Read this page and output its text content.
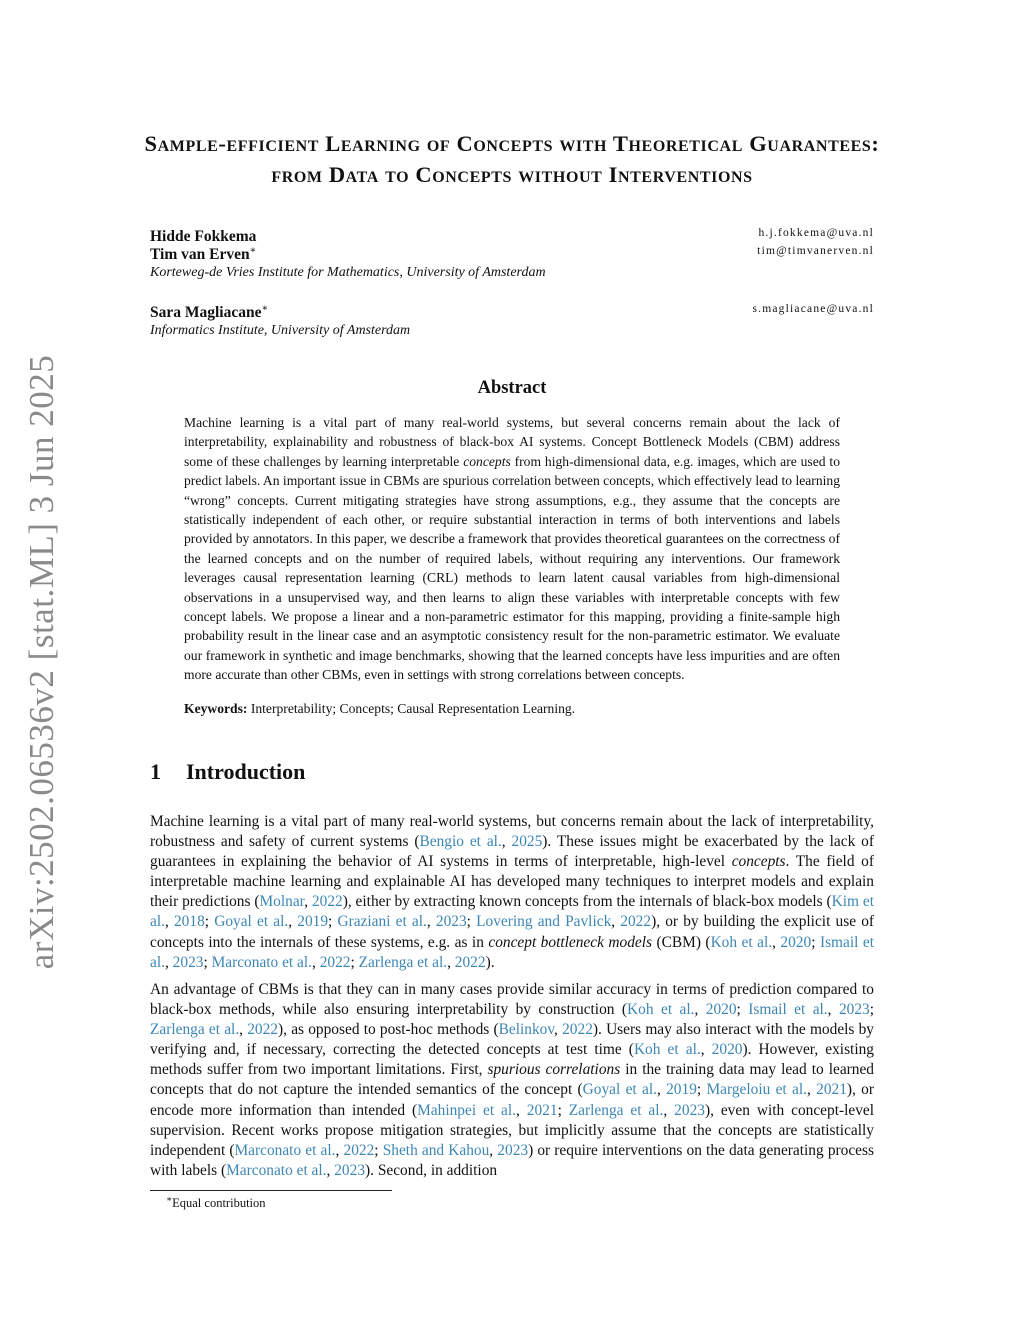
arXiv:2502.06536v2 [stat.ML] 3 Jun 2025
Sample-efficient Learning of Concepts with Theoretical Guarantees:
from Data to Concepts without Interventions
Hidde Fokkema	h.j.fokkema@uva.nl
Tim van Erven∗	tim@timvanerven.nl
Korteweg-de Vries Institute for Mathematics, University of Amsterdam
Sara Magliacane∗	s.magliacane@uva.nl
Informatics Institute, University of Amsterdam
Abstract
Machine learning is a vital part of many real-world systems, but several concerns remain about the lack of interpretability, explainability and robustness of black-box AI systems. Concept Bottleneck Models (CBM) address some of these challenges by learning interpretable concepts from high-dimensional data, e.g. images, which are used to predict labels. An important issue in CBMs are spurious correlation between concepts, which effectively lead to learning “wrong” concepts. Current mitigating strategies have strong assumptions, e.g., they assume that the concepts are statistically independent of each other, or require substantial interaction in terms of both interventions and labels provided by annotators. In this paper, we describe a framework that provides theoretical guarantees on the correctness of the learned concepts and on the number of required labels, without requiring any interventions. Our framework leverages causal representation learning (CRL) methods to learn latent causal variables from high-dimensional observations in a unsupervised way, and then learns to align these variables with interpretable concepts with few concept labels. We propose a linear and a non-parametric estimator for this mapping, providing a finite-sample high probability result in the linear case and an asymptotic consistency result for the non-parametric estimator. We evaluate our framework in synthetic and image benchmarks, showing that the learned concepts have less impurities and are often more accurate than other CBMs, even in settings with strong correlations between concepts.
Keywords: Interpretability; Concepts; Causal Representation Learning.
1 Introduction
Machine learning is a vital part of many real-world systems, but concerns remain about the lack of interpretability, robustness and safety of current systems (Bengio et al., 2025). These issues might be exacerbated by the lack of guarantees in explaining the behavior of AI systems in terms of interpretable, high-level concepts. The field of interpretable machine learning and explainable AI has developed many techniques to interpret models and explain their predictions (Molnar, 2022), either by extracting known concepts from the internals of black-box models (Kim et al., 2018; Goyal et al., 2019; Graziani et al., 2023; Lovering and Pavlick, 2022), or by building the explicit use of concepts into the internals of these systems, e.g. as in concept bottleneck models (CBM) (Koh et al., 2020; Ismail et al., 2023; Marconato et al., 2022; Zarlenga et al., 2022).
An advantage of CBMs is that they can in many cases provide similar accuracy in terms of prediction compared to black-box methods, while also ensuring interpretability by construction (Koh et al., 2020; Ismail et al., 2023; Zarlenga et al., 2022), as opposed to post-hoc methods (Belinkov, 2022). Users may also interact with the models by verifying and, if necessary, correcting the detected concepts at test time (Koh et al., 2020). However, existing methods suffer from two important limitations. First, spurious correlations in the training data may lead to learned concepts that do not capture the intended semantics of the concept (Goyal et al., 2019; Margeloiu et al., 2021), or encode more information than intended (Mahinpei et al., 2021; Zarlenga et al., 2023), even with concept-level supervision. Recent works propose mitigation strategies, but implicitly assume that the concepts are statistically independent (Marconato et al., 2022; Sheth and Kahou, 2023) or require interventions on the data generating process with labels (Marconato et al., 2023). Second, in addition
∗Equal contribution
